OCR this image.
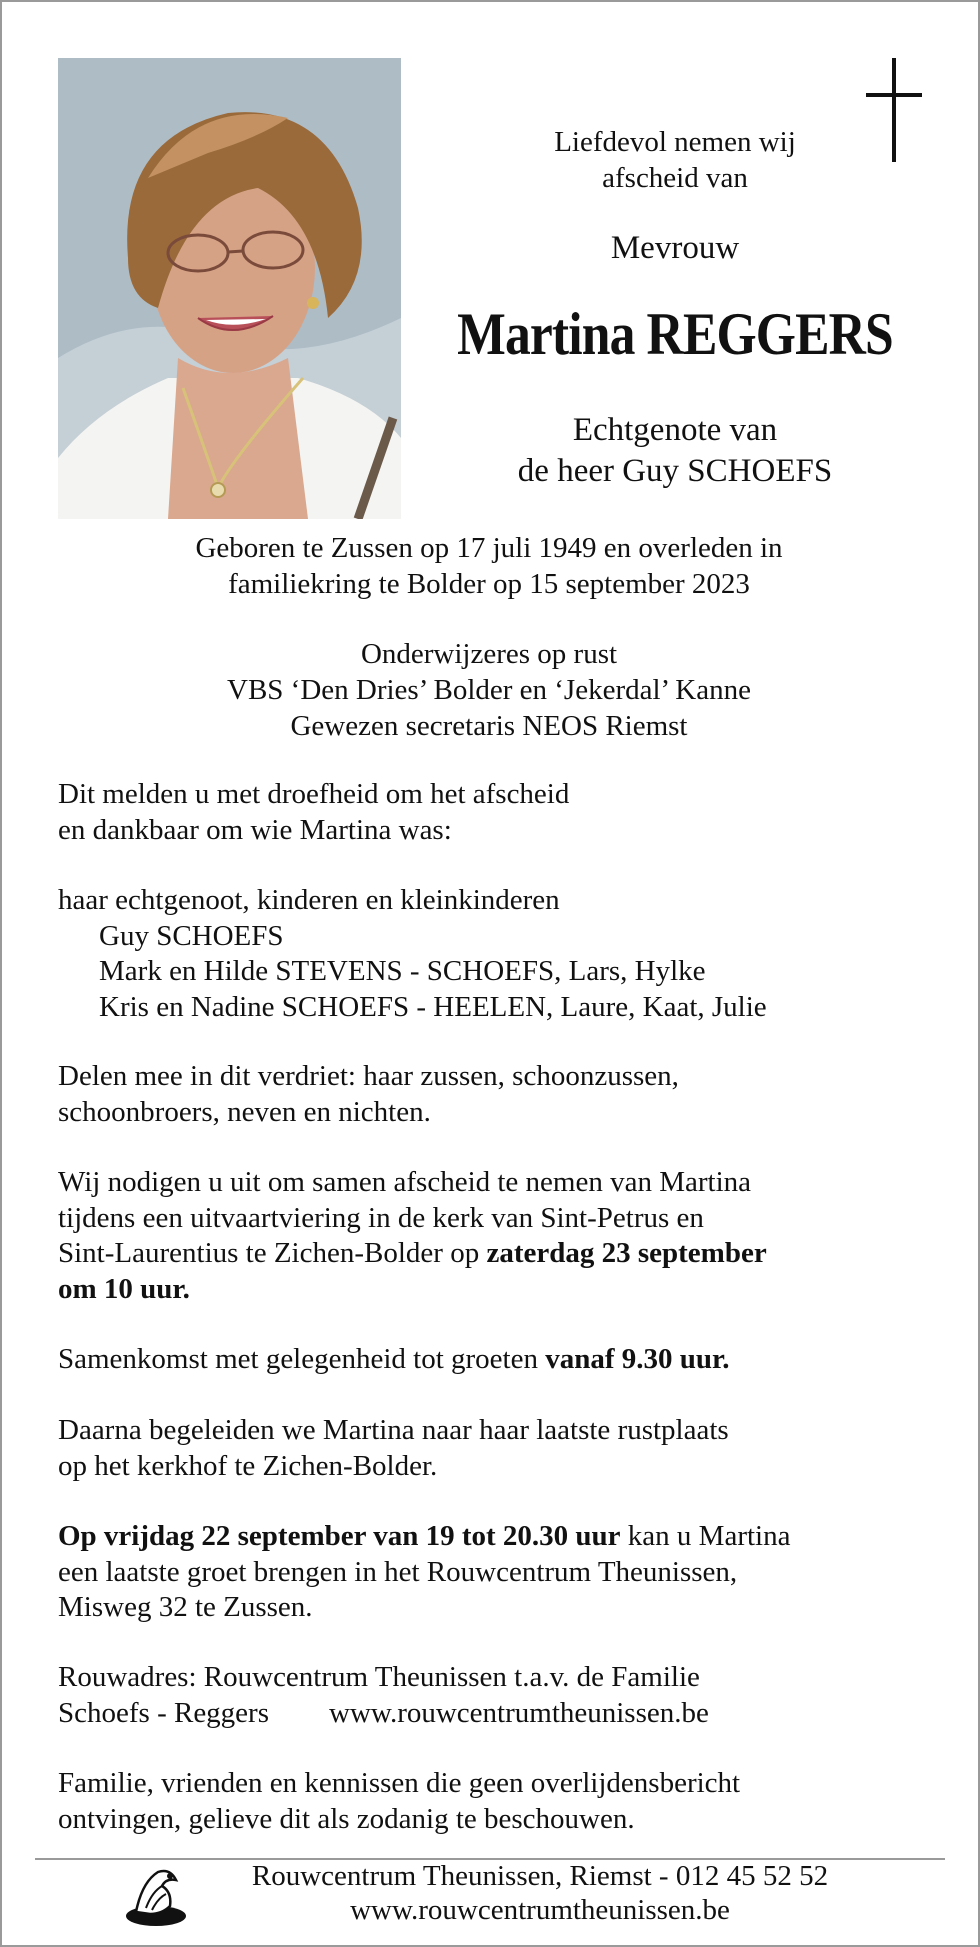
Liefdevol nemen wij
afscheid van
Mevrouw
Martina REGGERS
Echtgenote van
de heer Guy SCHOEFS
Geboren te Zussen op 17 juli 1949 en overleden in
familiekring te Bolder op 15 september 2023
Onderwijzeres op rust
VBS ‘Den Dries’ Bolder en ‘Jekerdal’ Kanne
Gewezen secretaris NEOS Riemst
Dit melden u met droefheid om het afscheid
en dankbaar om wie Martina was:
haar echtgenoot, kinderen en kleinkinderen
Guy SCHOEFS
Mark en Hilde STEVENS - SCHOEFS, Lars, Hylke
Kris en Nadine SCHOEFS - HEELEN, Laure, Kaat, Julie
Delen mee in dit verdriet: haar zussen, schoonzussen,
schoonbroers, neven en nichten.
Wij nodigen u uit om samen afscheid te nemen van Martina
tijdens een uitvaartviering in de kerk van Sint-Petrus en
Sint-Laurentius te Zichen-Bolder op zaterdag 23 september
om 10 uur.
Samenkomst met gelegenheid tot groeten vanaf 9.30 uur.
Daarna begeleiden we Martina naar haar laatste rustplaats
op het kerkhof te Zichen-Bolder.
Op vrijdag 22 september van 19 tot 20.30 uur kan u Martina
een laatste groet brengen in het Rouwcentrum Theunissen,
Misweg 32 te Zussen.
Rouwadres: Rouwcentrum Theunissen t.a.v. de Familie
Schoefs - Reggers www.rouwcentrumtheunissen.be
Familie, vrienden en kennissen die geen overlijdensbericht
ontvingen, gelieve dit als zodanig te beschouwen.
Rouwcentrum Theunissen, Riemst - 012 45 52 52
www.rouwcentrumtheunissen.be
